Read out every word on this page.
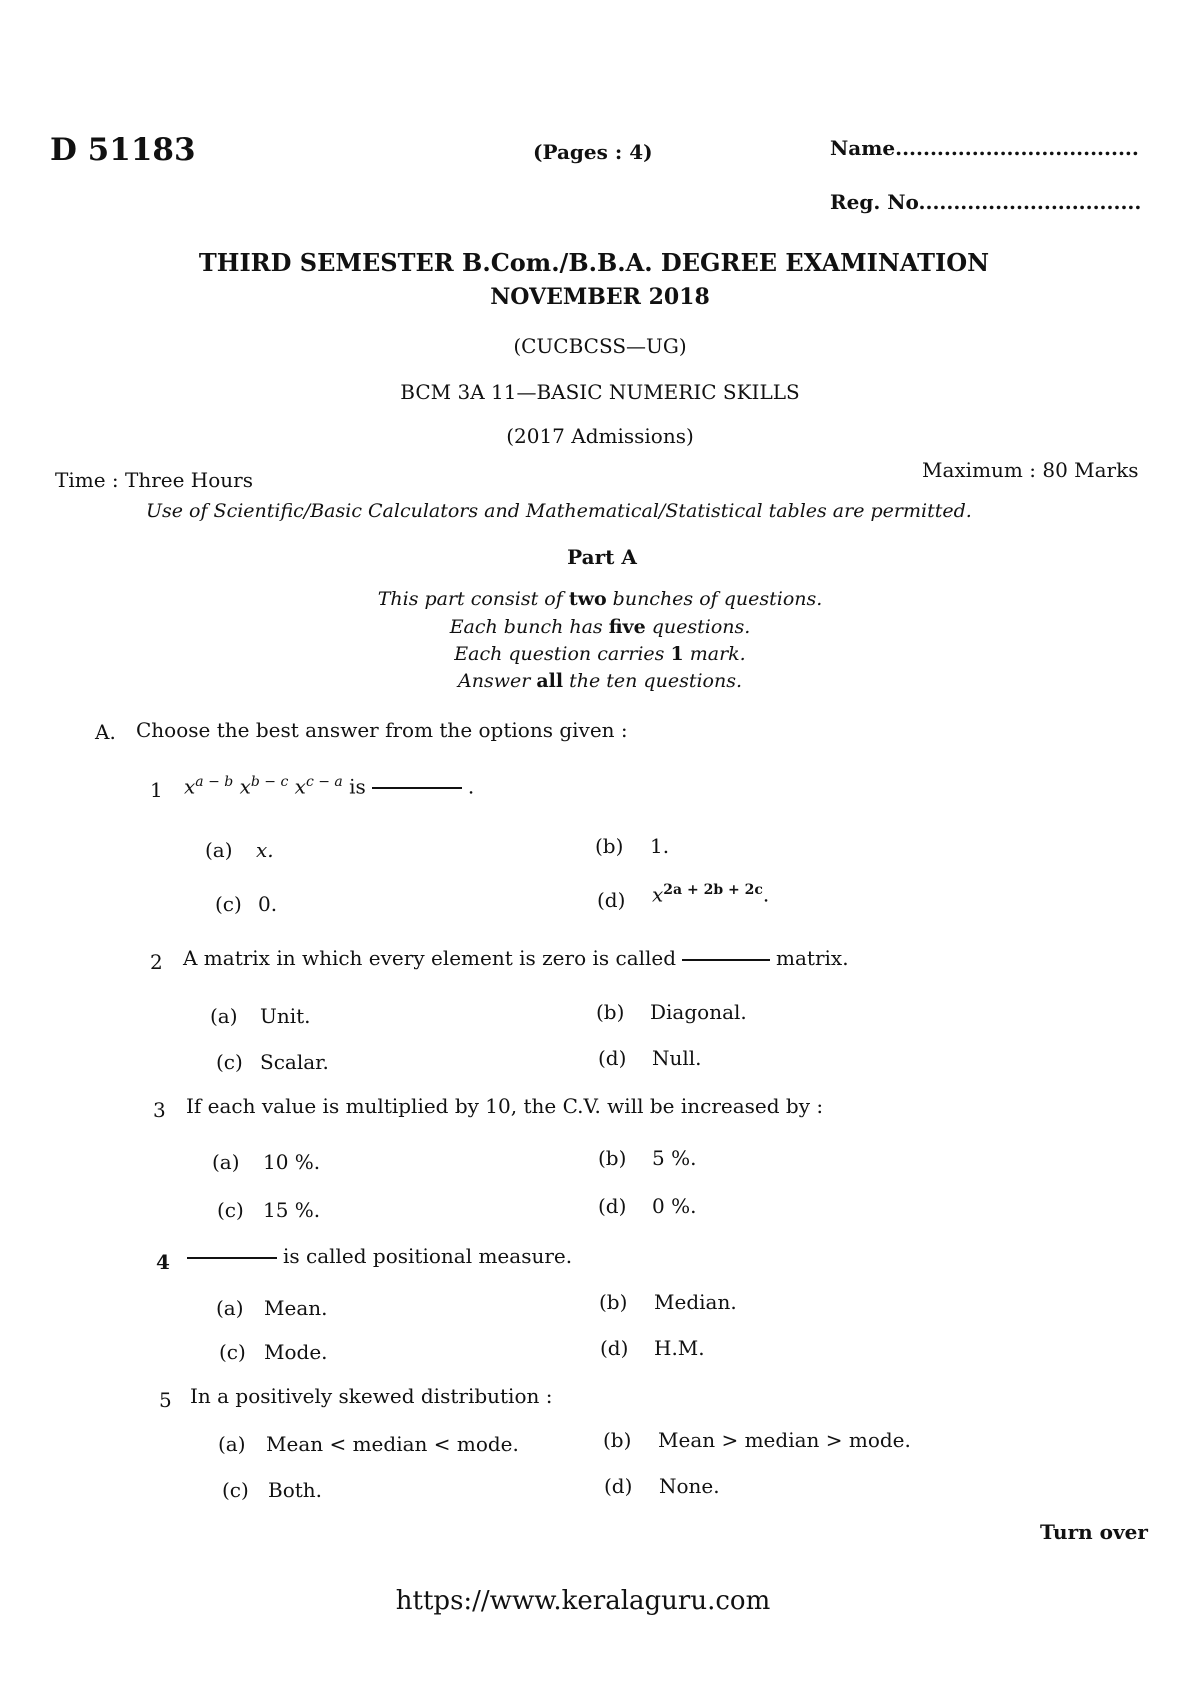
D 51183	(Pages : 4)	Name...................................
Reg. No................................
THIRD SEMESTER B.Com./B.B.A. DEGREE EXAMINATION
NOVEMBER 2018
(CUCBCSS—UG)
BCM 3A 11—BASIC NUMERIC SKILLS
(2017 Admissions)
Time : Three Hours	Maximum : 80 Marks
Use of Scientific/Basic Calculators and Mathematical/Statistical tables are permitted.
Part A
This part consist of two bunches of questions.
Each bunch has five questions.
Each question carries 1 mark.
Answer all the ten questions.
A. Choose the best answer from the options given :
1 $x^{a - b}$ $x^{b - c}$ $x^{c - a}$ is	.
(a) x.	(b) 1.
(c) 0.	(d) $x^{2a + 2b + 2c}$.
2 A matrix in which every element is zero is called	matrix.
(a) Unit.	(b) Diagonal.
(c) Scalar.	(d) Null.
3 If each value is multiplied by 10, the C.V. will be increased by :
(a) 10 %.	(b) 5 %.
(c) 15 %.	(d) 0 %.
4	is called positional measure.
(a) Mean.	(b) Median.
(c) Mode.	(d) H.M.
5 In a positively skewed distribution :
(a) Mean < median < mode.	(b) Mean > median > mode.
(c) Both.	(d) None.
Turn over
https://www.keralaguru.com
